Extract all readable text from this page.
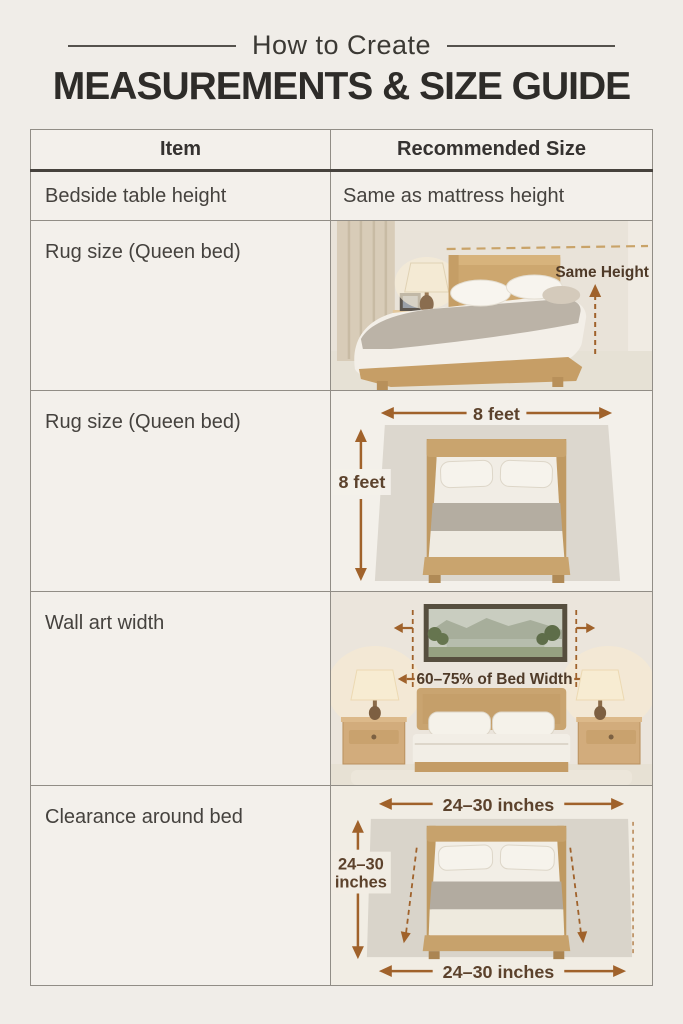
How to Create
MEASUREMENTS & SIZE GUIDE
Item	Recommended Size
Bedside table height	Same as mattress height
Rug size (Queen bed)	Same Height

Rug size (Queen bed)	8 feet
8 feet

Wall art width	60–75% of Bed Width

Clearance around bed	24–30 inches
24–30
inches
24–30 inches
